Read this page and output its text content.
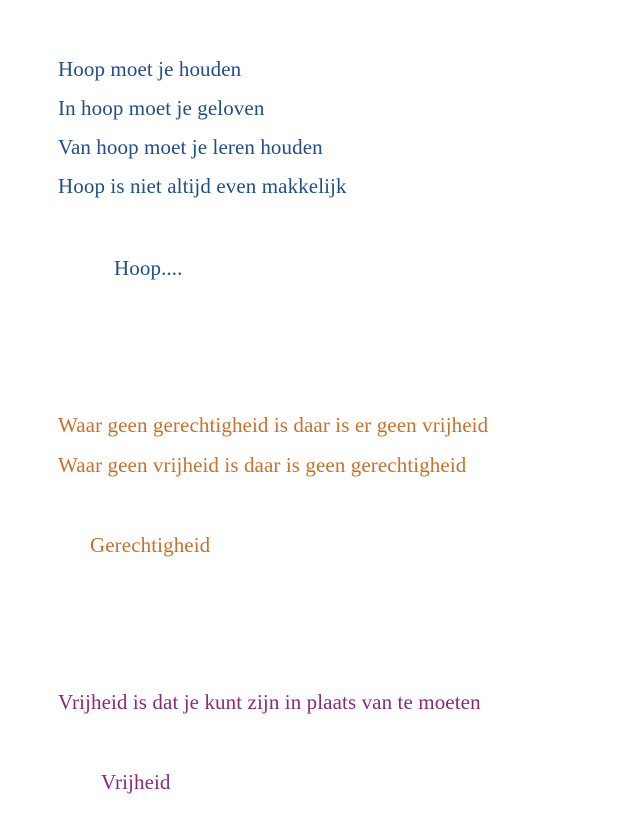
Hoop moet je houden
In hoop moet je geloven
Van hoop moet je leren houden
Hoop is niet altijd even makkelijk
Hoop....
Waar geen gerechtigheid is daar is er geen vrijheid
Waar geen vrijheid is daar is geen gerechtigheid
Gerechtigheid
Vrijheid is dat je kunt zijn in plaats van te moeten
Vrijheid
